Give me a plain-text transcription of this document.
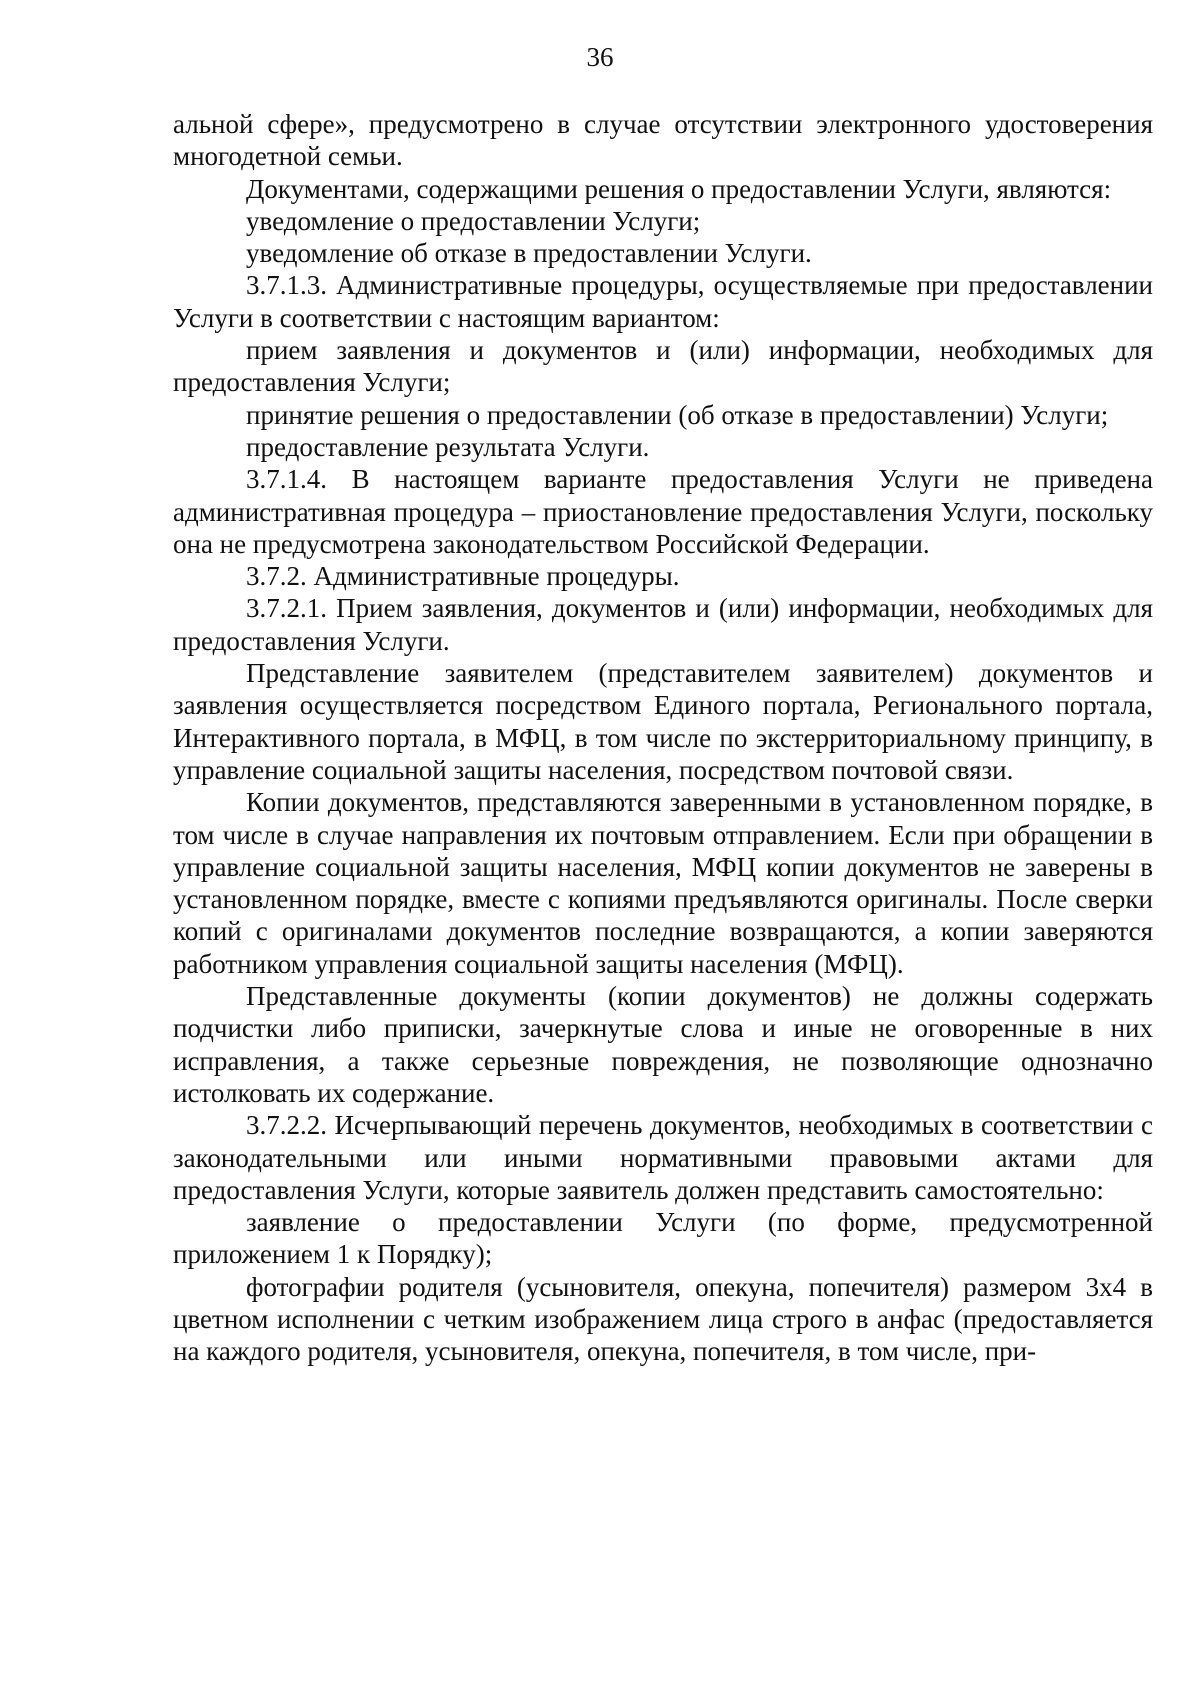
36

альной сфере», предусмотрено в случае отсутствии электронного удостоверения многодетной семьи.

Документами, содержащими решения о предоставлении Услуги, являются:

уведомление о предоставлении Услуги;

уведомление об отказе в предоставлении Услуги.

3.7.1.3. Административные процедуры, осуществляемые при предоставлении Услуги в соответствии с настоящим вариантом:

прием заявления и документов и (или) информации, необходимых для предоставления Услуги;

принятие решения о предоставлении (об отказе в предоставлении) Услуги;

предоставление результата Услуги.

3.7.1.4. В настоящем варианте предоставления Услуги не приведена административная процедура – приостановление предоставления Услуги, поскольку она не предусмотрена законодательством Российской Федерации.

3.7.2. Административные процедуры.

3.7.2.1. Прием заявления, документов и (или) информации, необходимых для предоставления Услуги.

Представление заявителем (представителем заявителем) документов и заявления осуществляется посредством Единого портала, Регионального портала, Интерактивного портала, в МФЦ, в том числе по экстерриториальному принципу, в управление социальной защиты населения, посредством почтовой связи.

Копии документов, представляются заверенными в установленном порядке, в том числе в случае направления их почтовым отправлением. Если при обращении в управление социальной защиты населения, МФЦ копии документов не заверены в установленном порядке, вместе с копиями предъявляются оригиналы. После сверки копий с оригиналами документов последние возвращаются, а копии заверяются работником управления социальной защиты населения (МФЦ).

Представленные документы (копии документов) не должны содержать подчистки либо приписки, зачеркнутые слова и иные не оговоренные в них исправления, а также серьезные повреждения, не позволяющие однозначно истолковать их содержание.

3.7.2.2. Исчерпывающий перечень документов, необходимых в соответствии с законодательными или иными нормативными правовыми актами для предоставления Услуги, которые заявитель должен представить самостоятельно:

заявление о предоставлении Услуги (по форме, предусмотренной приложением 1 к Порядку);

фотографии родителя (усыновителя, опекуна, попечителя) размером 3х4 в цветном исполнении с четким изображением лица строго в анфас (предоставляется на каждого родителя, усыновителя, опекуна, попечителя, в том числе, при-
